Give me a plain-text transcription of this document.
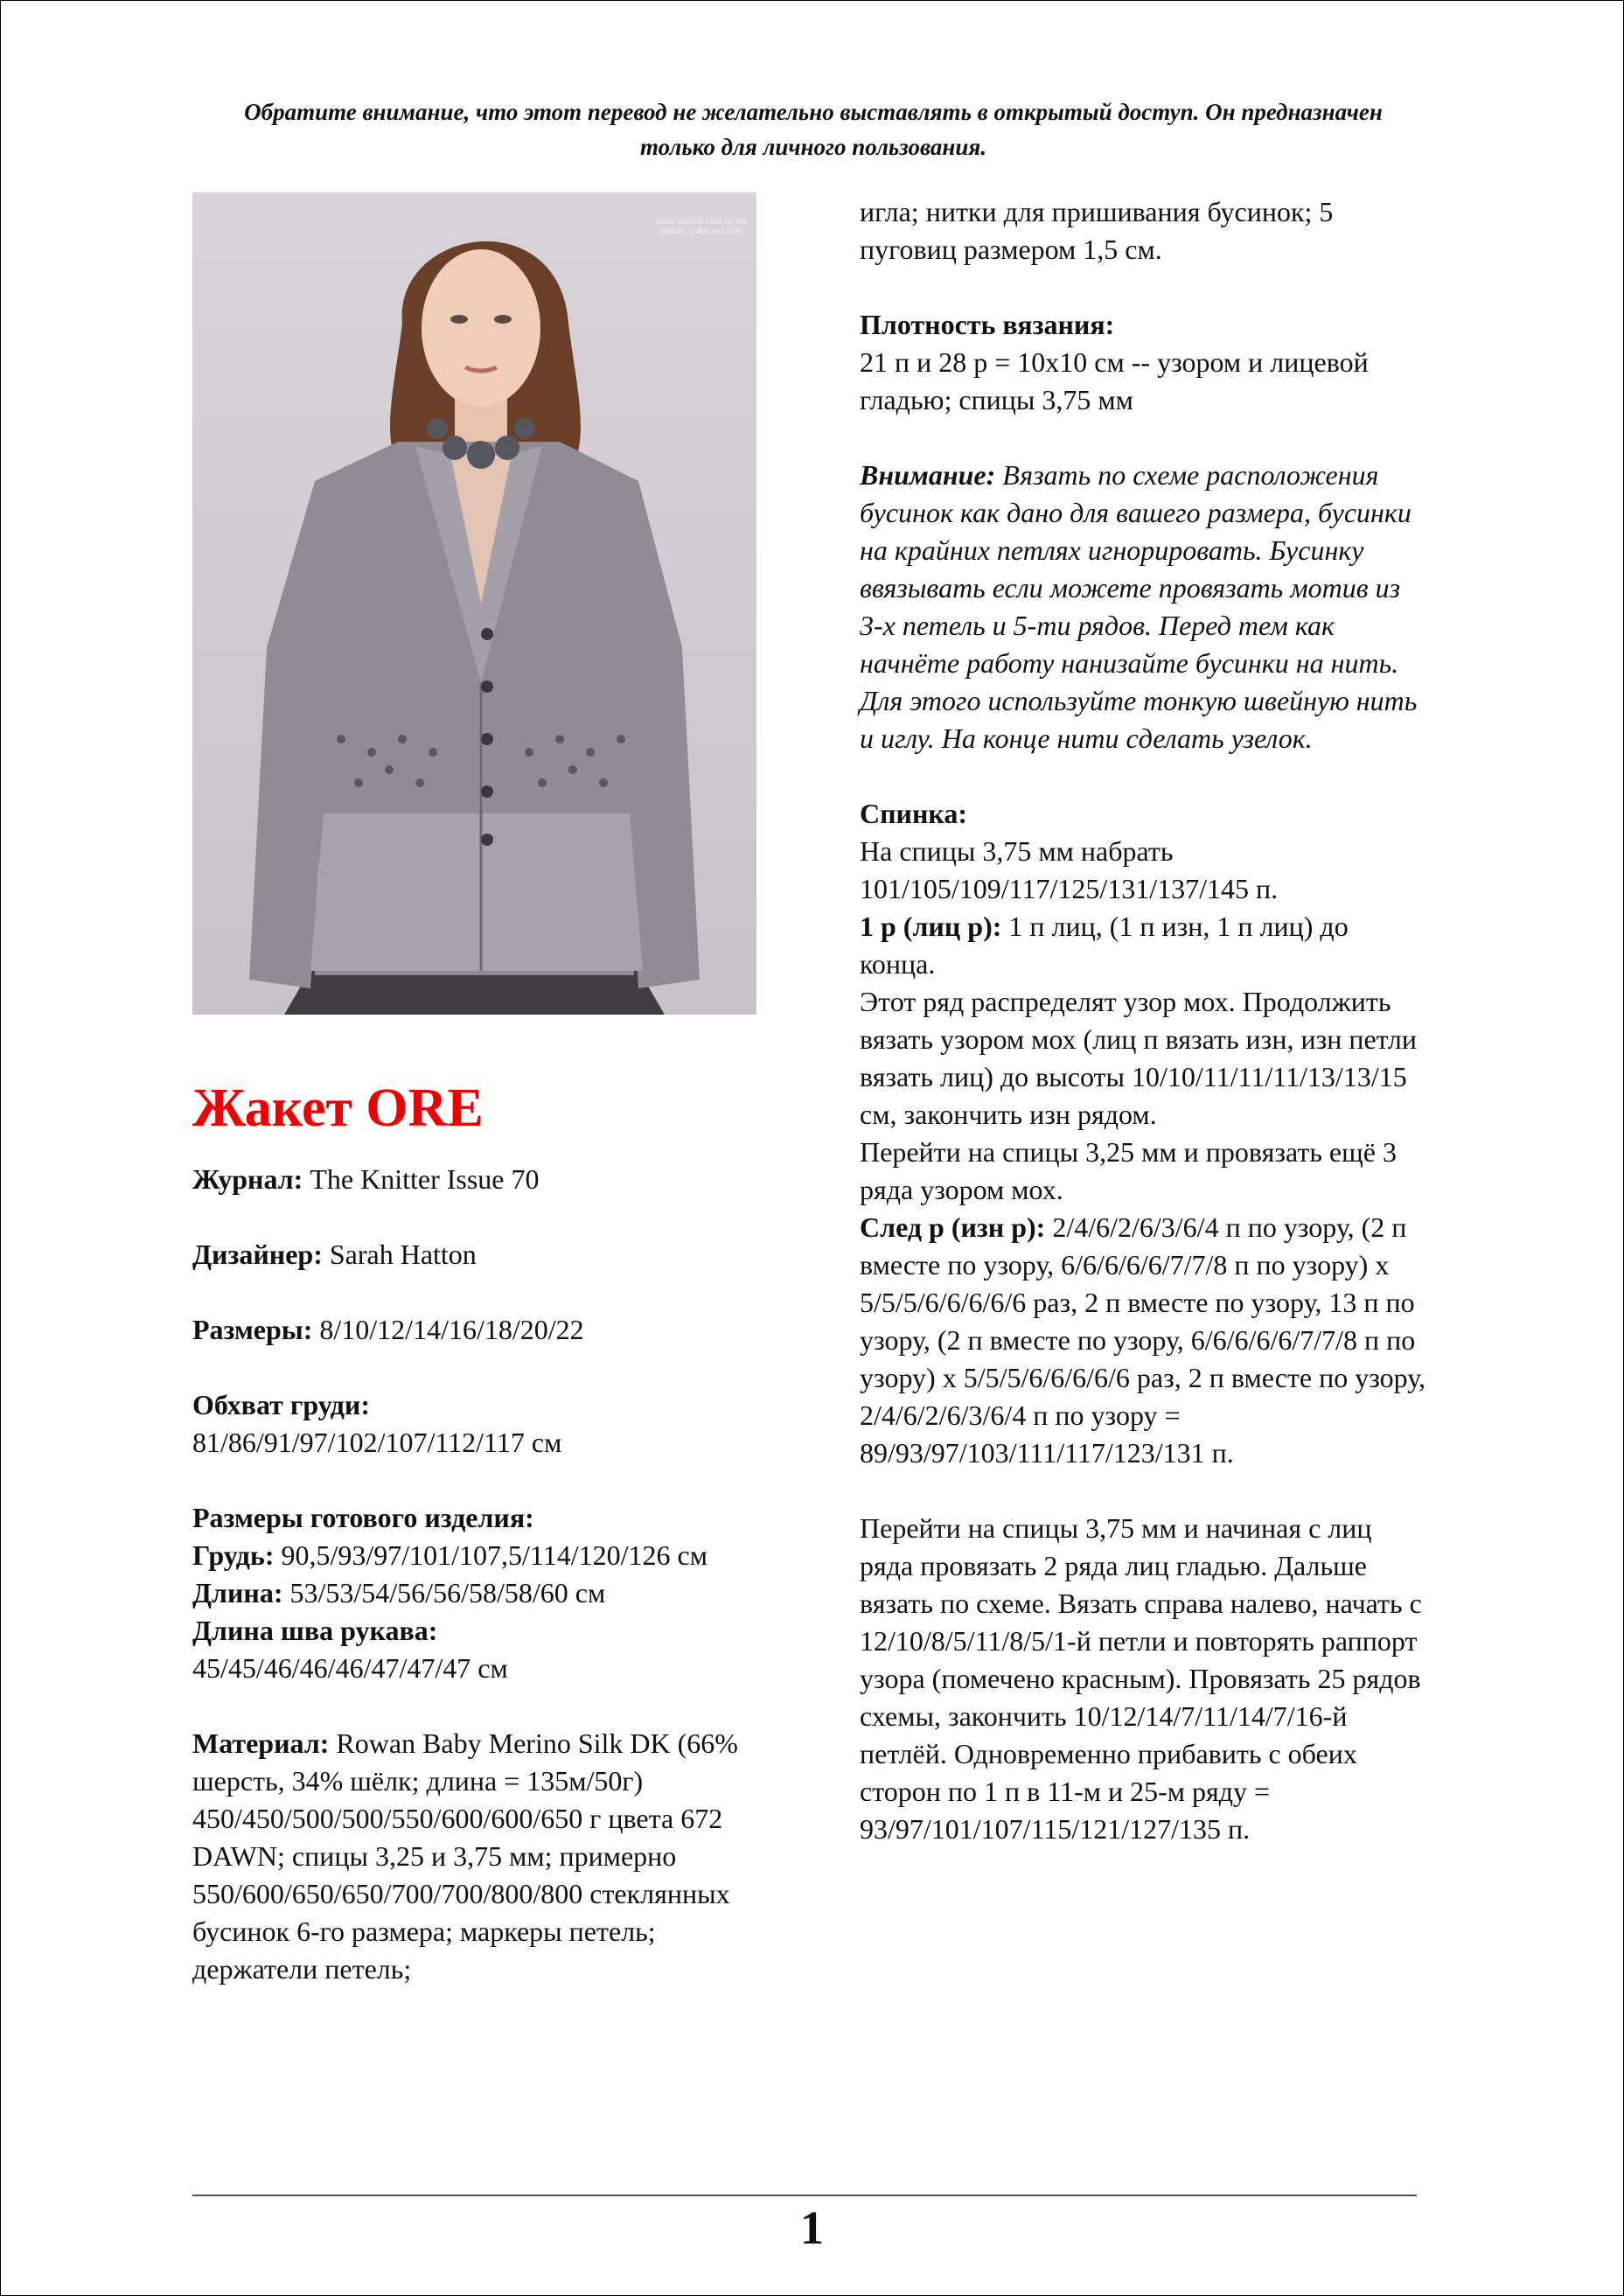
Обратите внимание, что этот перевод не желательно выставлять в открытый доступ. Он предназначен только для личного пользования.
Moss stitch is used for the peplum, collar and cuffs
Жакет ORE
Журнал: The Knitter Issue 70
Дизайнер: Sarah Hatton
Размеры: 8/10/12/14/16/18/20/22
Обхват груди:
81/86/91/97/102/107/112/117 см
Размеры готового изделия:
Грудь: 90,5/93/97/101/107,5/114/120/126 см
Длина: 53/53/54/56/56/58/58/60 см
Длина шва рукава:
45/45/46/46/46/47/47/47 см
Материал: Rowan Baby Merino Silk DK (66% шерсть, 34% шёлк; длина = 135м/50г)
450/450/500/500/550/600/600/650 г цвета 672 DAWN; спицы 3,25 и 3,75 мм; примерно 550/600/650/650/700/700/800/800 стеклянных бусинок 6-го размера; маркеры петель; держатели петель;
игла; нитки для пришивания бусинок; 5 пуговиц размером 1,5 см.
Плотность вязания:
21 п и 28 р = 10х10 см -- узором и лицевой гладью; спицы 3,75 мм
Внимание: Вязать по схеме расположения бусинок как дано для вашего размера, бусинки на крайних петлях игнорировать. Бусинку ввязывать если можете провязать мотив из 3-х петель и 5-ти рядов. Перед тем как начнёте работу нанизайте бусинки на нить. Для этого используйте тонкую швейную нить и иглу. На конце нити сделать узелок.
Спинка:
На спицы 3,75 мм набрать 101/105/109/117/125/131/137/145 п.
1 р (лиц р): 1 п лиц, (1 п изн, 1 п лиц) до конца.
Этот ряд распределят узор мох. Продолжить вязать узором мох (лиц п вязать изн, изн петли вязать лиц) до высоты 10/10/11/11/11/13/13/15 см, закончить изн рядом.
Перейти на спицы 3,25 мм и провязать ещё 3 ряда узором мох.
След р (изн р): 2/4/6/2/6/3/6/4 п по узору, (2 п вместе по узору, 6/6/6/6/6/7/7/8 п по узору) х 5/5/5/6/6/6/6/6 раз, 2 п вместе по узору, 13 п по узору, (2 п вместе по узору, 6/6/6/6/6/7/7/8 п по узору) х 5/5/5/6/6/6/6/6 раз, 2 п вместе по узору, 2/4/6/2/6/3/6/4 п по узору = 89/93/97/103/111/117/123/131 п.
Перейти на спицы 3,75 мм и начиная с лиц ряда провязать 2 ряда лиц гладью. Дальше вязать по схеме. Вязать справа налево, начать с 12/10/8/5/11/8/5/1-й петли и повторять раппорт узора (помечено красным). Провязать 25 рядов схемы, закончить 10/12/14/7/11/14/7/16-й петлёй. Одновременно прибавить с обеих сторон по 1 п в 11-м и 25-м ряду = 93/97/101/107/115/121/127/135 п.
1
